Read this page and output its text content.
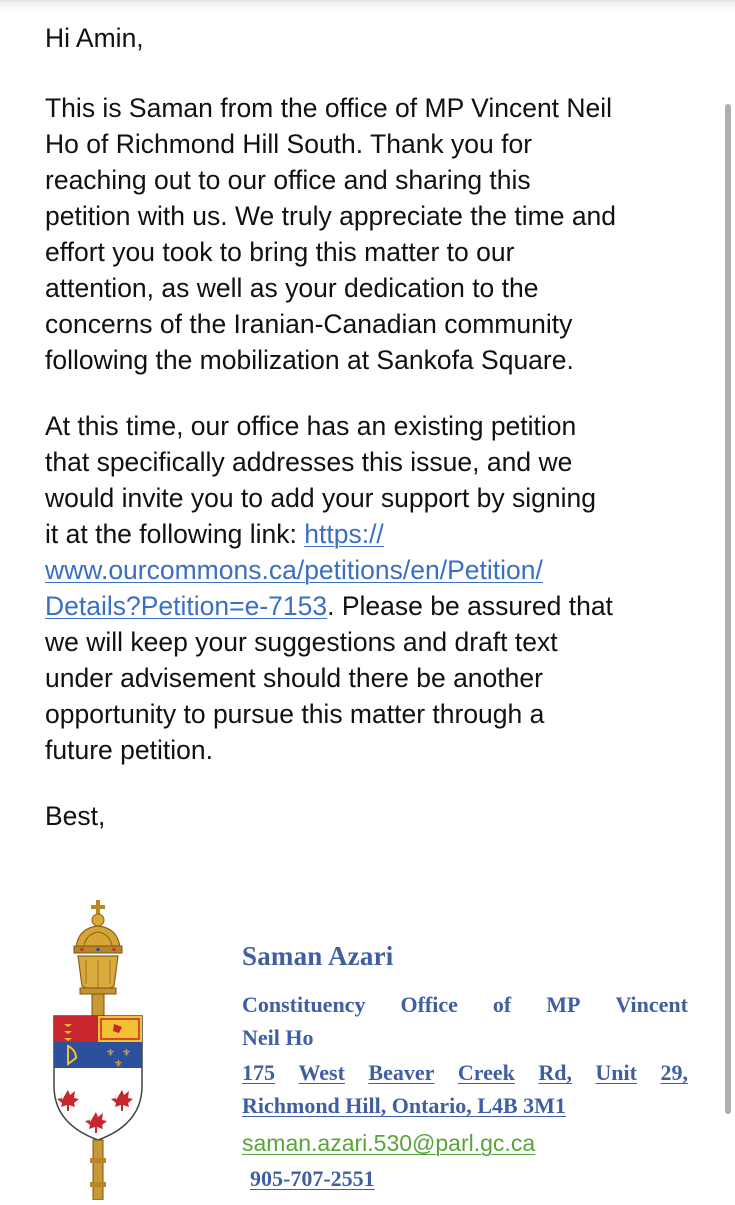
Hi Amin,

This is Saman from the office of MP Vincent Neil
Ho of Richmond Hill South. Thank you for
reaching out to our office and sharing this
petition with us. We truly appreciate the time and
effort you took to bring this matter to our
attention, as well as your dedication to the
concerns of the Iranian-Canadian community
following the mobilization at Sankofa Square.

At this time, our office has an existing petition
that specifically addresses this issue, and we
would invite you to add your support by signing
it at the following link: https://
www.ourcommons.ca/petitions/en/Petition/
Details?Petition=e-7153. Please be assured that
we will keep your suggestions and draft text
under advisement should there be another
opportunity to pursue this matter through a
future petition.

Best,

⚜ ⚜
⚜
Saman Azari
Constituency Office of MP Vincent
Neil Ho
175 West Beaver Creek Rd, Unit 29,
Richmond Hill, Ontario, L4B 3M1
saman.azari.530@parl.gc.ca
905-707-2551
